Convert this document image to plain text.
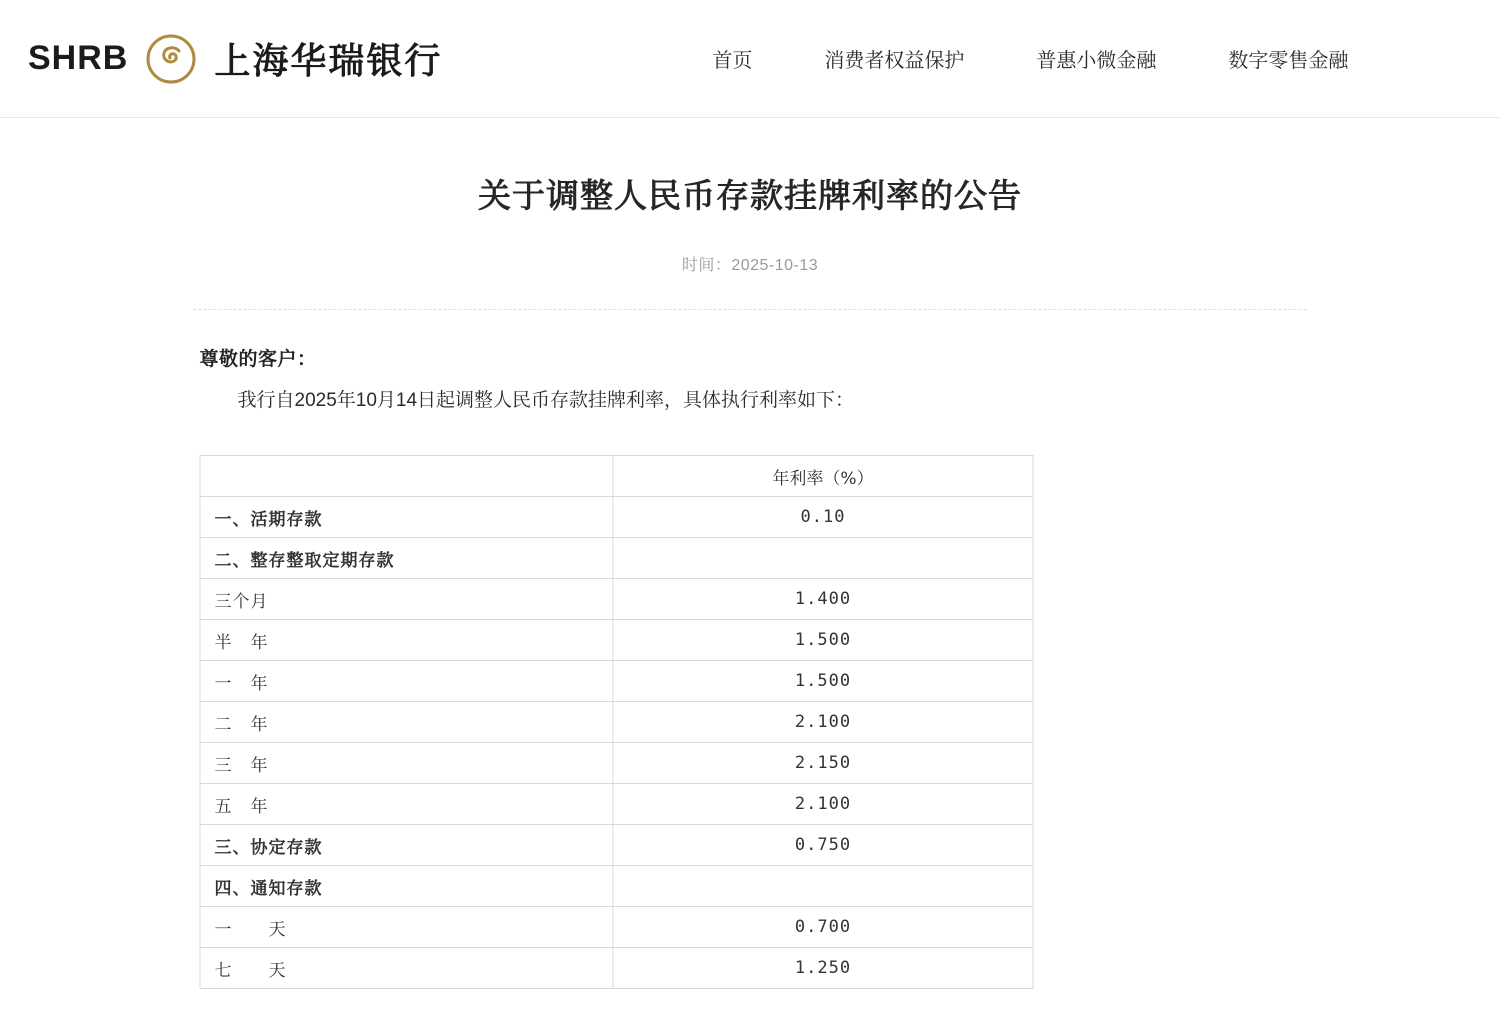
SHRB 上海华瑞银行	首页	消费者权益保护	普惠小微金融	数字零售金融
关于调整人民币存款挂牌利率的公告
时间：2025-10-13

尊敬的客户：

我行自2025年10月14日起调整人民币存款挂牌利率，具体执行利率如下：

	年利率（%）
一、活期存款	0.10
二、整存整取定期存款	
三个月	1.400
半　年	1.500
一　年	1.500
二　年	2.100
三　年	2.150
五　年	2.100
三、协定存款	0.750
四、通知存款	
一　　天	0.700
七　　天	1.250
